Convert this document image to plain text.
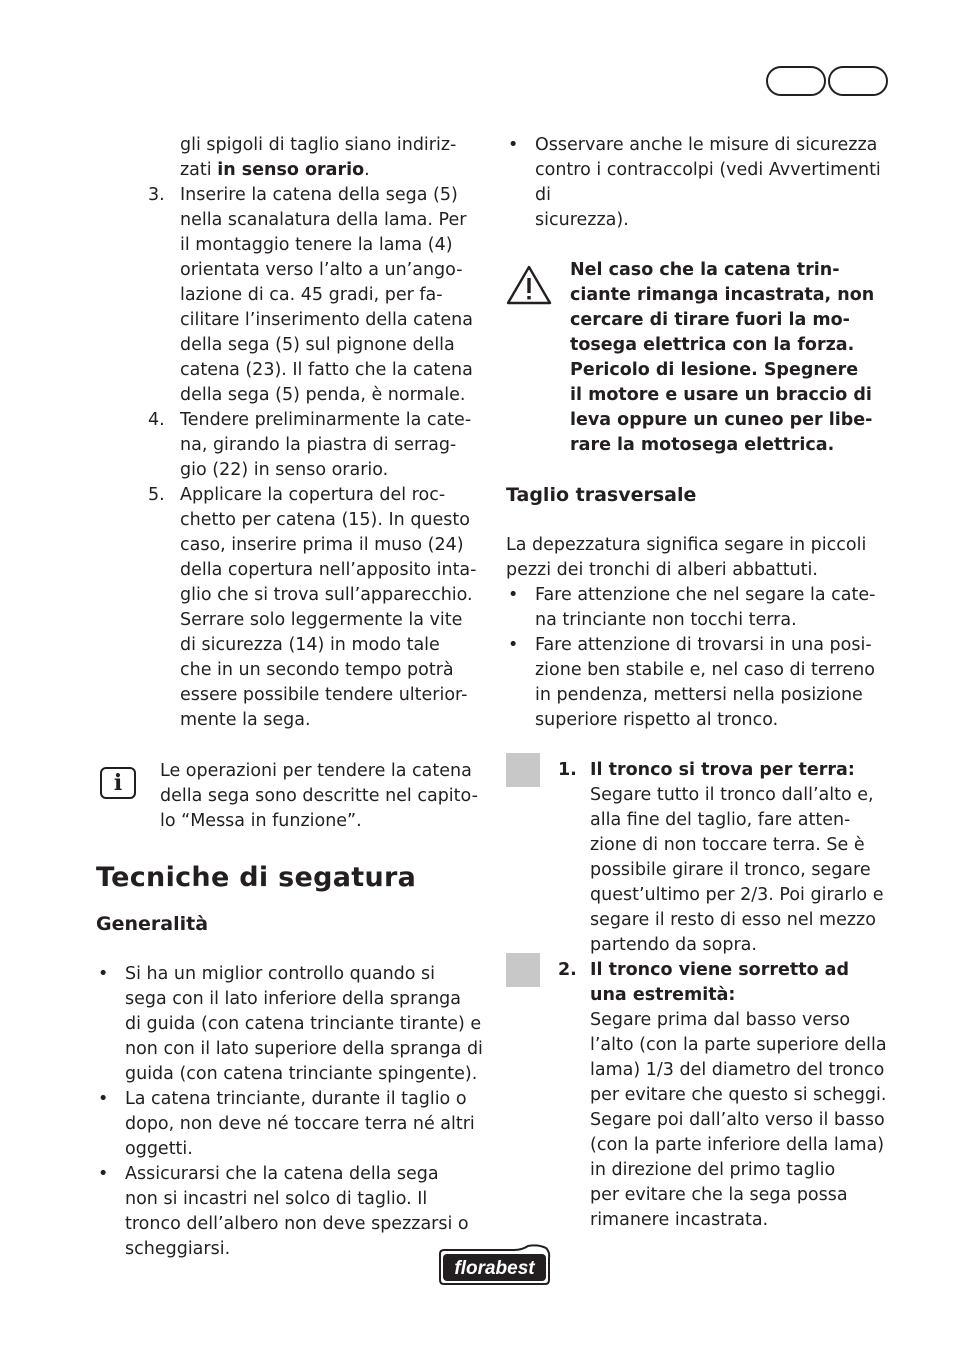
gli spigoli di taglio siano indiriz-

zati in senso orario.

3. Inserire la catena della sega (5)

nella scanalatura della lama. Per

il montaggio tenere la lama (4)

orientata verso l’alto a un’ango-

lazione di ca. 45 gradi, per fa-

cilitare l’inserimento della catena

della sega (5) sul pignone della

catena (23). Il fatto che la catena

della sega (5) penda, è normale.

4. Tendere preliminarmente la cate-

na, girando la piastra di serrag-

gio (22) in senso orario.

5. Applicare la copertura del roc-

chetto per catena (15). In questo

caso, inserire prima il muso (24)

della copertura nell’apposito inta-

glio che si trova sull’apparecchio.

Serrare solo leggermente la vite

di sicurezza (14) in modo tale

che in un secondo tempo potrà

essere possibile tendere ulterior-

mente la sega.

i	Le operazioni per tendere la catena

della sega sono descritte nel capito-

lo “Messa in funzione”.

Tecniche di segatura
Generalità
• Si ha un miglior controllo quando si

sega con il lato inferiore della spranga

di guida (con catena trinciante tirante) e

non con il lato superiore della spranga di

guida (con catena trinciante spingente).

• La catena trinciante, durante il taglio o

dopo, non deve né toccare terra né altri

oggetti.

• Assicurarsi che la catena della sega

non si incastri nel solco di taglio. Il

tronco dell’albero non deve spezzarsi o

scheggiarsi.

• Osservare anche le misure di sicurezza

contro i contraccolpi (vedi Avvertimenti di

sicurezza).

Nel caso che la catena trin-

ciante rimanga incastrata, non

cercare di tirare fuori la mo-

tosega elettrica con la forza.

Pericolo di lesione. Spegnere

il motore e usare un braccio di

leva oppure un cuneo per libe-

rare la motosega elettrica.

Taglio trasversale

La depezzatura significa segare in piccoli

pezzi dei tronchi di alberi abbattuti.

• Fare attenzione che nel segare la cate-

na trinciante non tocchi terra.

• Fare attenzione di trovarsi in una posi-

zione ben stabile e, nel caso di terreno

in pendenza, mettersi nella posizione

superiore rispetto al tronco.

1. Il tronco si trova per terra:

Segare tutto il tronco dall’alto e,

alla fine del taglio, fare atten-

zione di non toccare terra. Se è

possibile girare il tronco, segare

quest’ultimo per 2/3. Poi girarlo e

segare il resto di esso nel mezzo

partendo da sopra.

2. Il tronco viene sorretto ad

una estremità:

Segare prima dal basso verso

l’alto (con la parte superiore della

lama) 1/3 del diametro del tronco

per evitare che questo si scheggi.

Segare poi dall’alto verso il basso

(con la parte inferiore della lama)

in direzione del primo taglio

per evitare che la sega possa

rimanere incastrata.

florabest
